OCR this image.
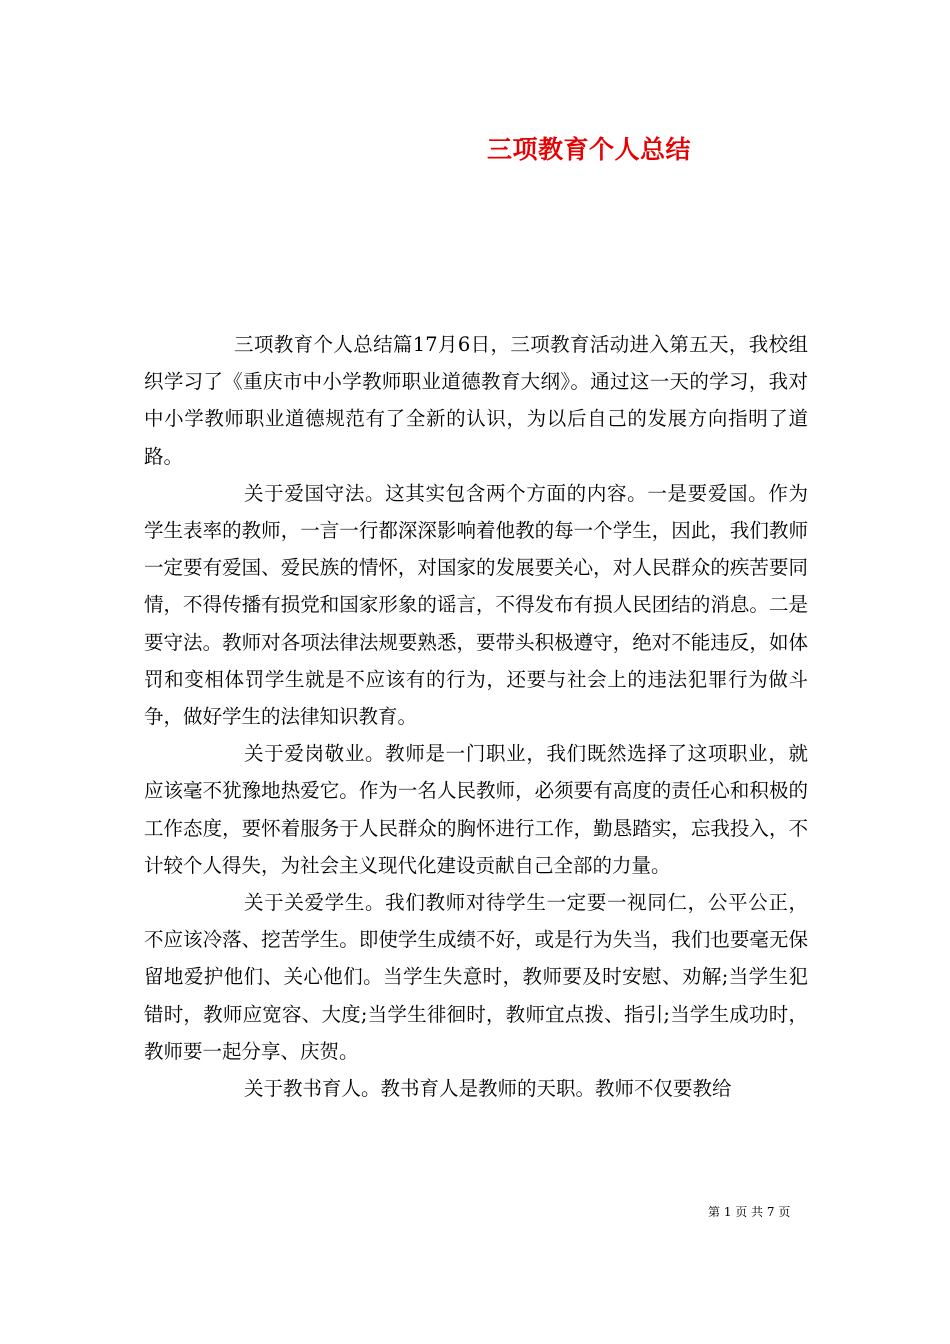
三项教育个人总结

三项教育个人总结篇17月6日，三项教育活动进入第五天，我校组织学习了《重庆市中小学教师职业道德教育大纲》。通过这一天的学习，我对中小学教师职业道德规范有了全新的认识，为以后自己的发展方向指明了道路。

关于爱国守法。这其实包含两个方面的内容。一是要爱国。作为学生表率的教师，一言一行都深深影响着他教的每一个学生，因此，我们教师一定要有爱国、爱民族的情怀，对国家的发展要关心，对人民群众的疾苦要同情，不得传播有损党和国家形象的谣言，不得发布有损人民团结的消息。二是要守法。教师对各项法律法规要熟悉，要带头积极遵守，绝对不能违反，如体罚和变相体罚学生就是不应该有的行为，还要与社会上的违法犯罪行为做斗争，做好学生的法律知识教育。

关于爱岗敬业。教师是一门职业，我们既然选择了这项职业，就应该毫不犹豫地热爱它。作为一名人民教师，必须要有高度的责任心和积极的工作态度，要怀着服务于人民群众的胸怀进行工作，勤恳踏实，忘我投入，不计较个人得失，为社会主义现代化建设贡献自己全部的力量。

关于关爱学生。我们教师对待学生一定要一视同仁，公平公正，不应该冷落、挖苦学生。即使学生成绩不好，或是行为失当，我们也要毫无保留地爱护他们、关心他们。当学生失意时，教师要及时安慰、劝解;当学生犯错时，教师应宽容、大度;当学生徘徊时，教师宜点拨、指引;当学生成功时，教师要一起分享、庆贺。

关于教书育人。教书育人是教师的天职。教师不仅要教给

第 1 页 共 7 页
